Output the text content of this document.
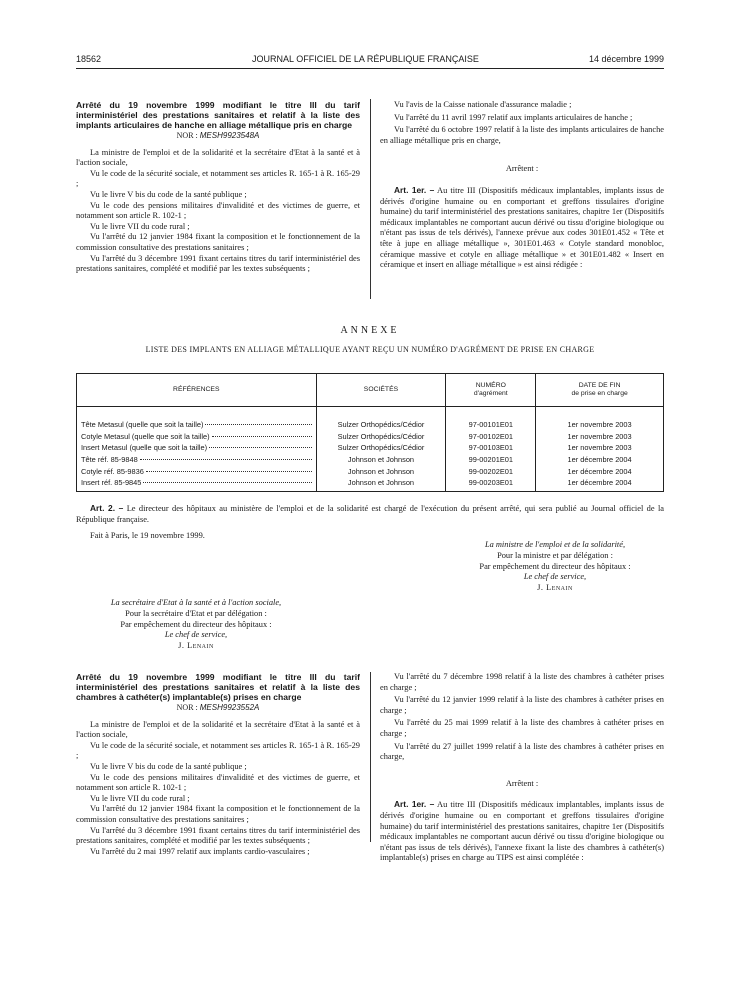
18562	JOURNAL OFFICIEL DE LA RÉPUBLIQUE FRANÇAISE	14 décembre 1999

Arrêté du 19 novembre 1999 modifiant le titre III du tarif interministériel des prestations sanitaires et relatif à la liste des implants articulaires de hanche en alliage métallique pris en charge

NOR : MESH9923548A

La ministre de l'emploi et de la solidarité et la secrétaire d'Etat à la santé et à l'action sociale,

Vu le code de la sécurité sociale, et notamment ses articles R. 165-1 à R. 165-29 ;

Vu le livre V bis du code de la santé publique ;

Vu le code des pensions militaires d'invalidité et des victimes de guerre, et notamment son article R. 102-1 ;

Vu le livre VII du code rural ;

Vu l'arrêté du 12 janvier 1984 fixant la composition et le fonctionnement de la commission consultative des prestations sanitaires ;

Vu l'arrêté du 3 décembre 1991 fixant certains titres du tarif interministériel des prestations sanitaires, complété et modifié par les textes subséquents ;

Vu l'avis de la Caisse nationale d'assurance maladie ;

Vu l'arrêté du 11 avril 1997 relatif aux implants articulaires de hanche ;

Vu l'arrêté du 6 octobre 1997 relatif à la liste des implants articulaires de hanche en alliage métallique pris en charge,

Arrêtent :

Art. 1er. – Au titre III (Dispositifs médicaux implantables, implants issus de dérivés d'origine humaine ou en comportant et greffons tissulaires d'origine humaine) du tarif interministériel des prestations sanitaires, chapitre 1er (Dispositifs médicaux implantables ne comportant aucun dérivé ou tissu d'origine biologique ou n'étant pas issus de tels dérivés), l'annexe prévue aux codes 301E01.452 « Tête et tête à jupe en alliage métallique », 301E01.463 « Cotyle standard monobloc, céramique massive et cotyle en alliage métallique » et 301E01.482 « Insert en céramique et insert en alliage métallique » est ainsi rédigée :

ANNEXE
LISTE DES IMPLANTS EN ALLIAGE MÉTALLIQUE AYANT REÇU UN NUMÉRO D'AGRÉMENT DE PRISE EN CHARGE
RÉFÉRENCES	SOCIÉTÉS	NUMÉRO
d'agrément	DATE DE FIN
de prise en charge

Tête Metasul (quelle que soit la taille)	Sulzer Orthopédics/Cédior	97-00101E01	1er novembre 2003

Cotyle Metasul (quelle que soit la taille)	Sulzer Orthopédics/Cédior	97-00102E01	1er novembre 2003

Insert Metasul (quelle que soit la taille)	Sulzer Orthopédics/Cédior	97-00103E01	1er novembre 2003

Tête réf. 85-9848	Johnson et Johnson	99-00201E01	1er décembre 2004

Cotyle réf. 85-9836	Johnson et Johnson	99-00202E01	1er décembre 2004

Insert réf. 85-9845	Johnson et Johnson	99-00203E01	1er décembre 2004

Art. 2. – Le directeur des hôpitaux au ministère de l'emploi et de la solidarité est chargé de l'exécution du présent arrêté, qui sera publié au Journal officiel de la République française.

Fait à Paris, le 19 novembre 1999.

La ministre de l'emploi et de la solidarité,
Pour la ministre et par délégation :
Par empêchement du directeur des hôpitaux :
Le chef de service,
J. Lenain
La secrétaire d'Etat à la santé et à l'action sociale,
Pour la secrétaire d'Etat et par délégation :
Par empêchement du directeur des hôpitaux :
Le chef de service,
J. Lenain

Arrêté du 19 novembre 1999 modifiant le titre III du tarif interministériel des prestations sanitaires et relatif à la liste des chambres à cathéter(s) implantable(s) prises en charge

NOR : MESH9923552A

La ministre de l'emploi et de la solidarité et la secrétaire d'Etat à la santé et à l'action sociale,

Vu le code de la sécurité sociale, et notamment ses articles R. 165-1 à R. 165-29 ;

Vu le livre V bis du code de la santé publique ;

Vu le code des pensions militaires d'invalidité et des victimes de guerre, et notamment son article R. 102-1 ;

Vu le livre VII du code rural ;

Vu l'arrêté du 12 janvier 1984 fixant la composition et le fonctionnement de la commission consultative des prestations sanitaires ;

Vu l'arrêté du 3 décembre 1991 fixant certains titres du tarif interministériel des prestations sanitaires, complété et modifié par les textes subséquents ;

Vu l'arrêté du 2 mai 1997 relatif aux implants cardio-vasculaires ;

Vu l'arrêté du 7 décembre 1998 relatif à la liste des chambres à cathéter prises en charge ;

Vu l'arrêté du 12 janvier 1999 relatif à la liste des chambres à cathéter prises en charge ;

Vu l'arrêté du 25 mai 1999 relatif à la liste des chambres à cathéter prises en charge ;

Vu l'arrêté du 27 juillet 1999 relatif à la liste des chambres à cathéter prises en charge,

Arrêtent :

Art. 1er. – Au titre III (Dispositifs médicaux implantables, implants issus de dérivés d'origine humaine ou en comportant et greffons tissulaires d'origine humaine) du tarif interministériel des prestations sanitaires, chapitre 1er (Dispositifs médicaux implantables ne comportant aucun dérivé ou tissu d'origine biologique ou n'étant pas issus de tels dérivés), l'annexe fixant la liste des chambres à cathéter(s) implantable(s) prises en charge au TIPS est ainsi complétée :
